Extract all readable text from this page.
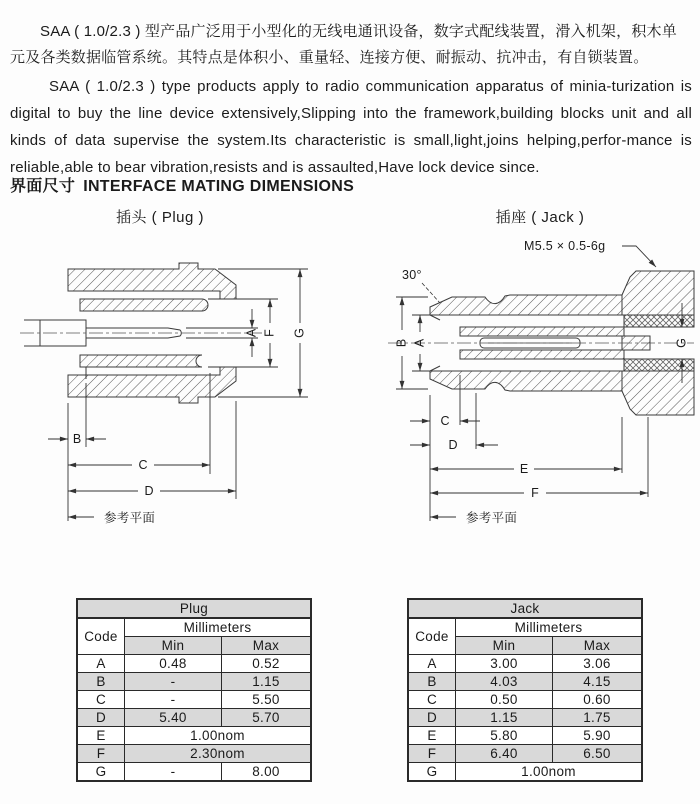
SAA ( 1.0/2.3 ) 型产品广泛用于小型化的无线电通讯设备，数字式配线装置，滑入机架，积木单元及各类数据临管系统。其特点是体积小、重量轻、连接方便、耐振动、抗冲击，有自锁装置。

SAA ( 1.0/2.3 ) type products apply to radio communication apparatus of minia-turization is digital to buy the line device extensively,Slipping into the framework,building blocks unit and all kinds of data supervise the system.Its characteristic is small,light,joins helping,perfor-mance is reliable,able to bear vibration,resists and is assaulted,Have lock device since.

界面尺寸 INTERFACE MATING DIMENSIONS
插头 ( Plug )	插座 ( Jack )
A F G
B
C
D
参考平面
M5.5 × 0.5-6g
30°
B A	G
C
D
E
F
参考平面
Plug		
Code	Millimeters	
	Min	Max
A	0.48	0.52
B	-	1.15
C	-	5.50
D	5.40	5.70
E	1.00nom	
F	2.30nom	
G	-	8.00
Jack		
Code	Millimeters	
	Min	Max
A	3.00	3.06
B	4.03	4.15
C	0.50	0.60
D	1.15	1.75
E	5.80	5.90
F	6.40	6.50
G	1.00nom	
